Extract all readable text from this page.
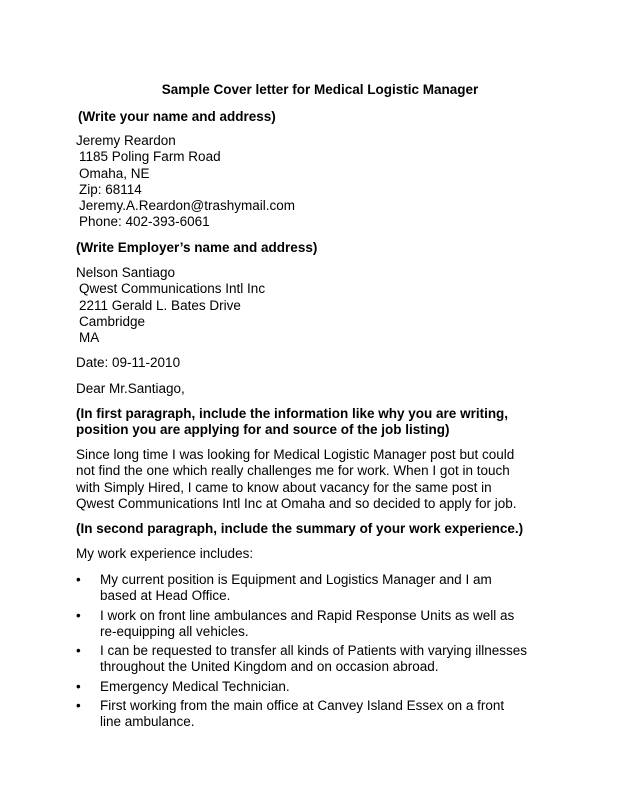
Sample Cover letter for Medical Logistic Manager
(Write your name and address)
Jeremy Reardon
1185 Poling Farm Road
Omaha, NE
Zip: 68114
Jeremy.A.Reardon@trashymail.com
Phone: 402-393-6061
(Write Employer’s name and address)
Nelson Santiago
Qwest Communications Intl Inc
2211 Gerald L. Bates Drive
Cambridge
MA
Date: 09-11-2010
Dear Mr.Santiago,
(In first paragraph, include the information like why you are writing,
position you are applying for and source of the job listing)
Since long time I was looking for Medical Logistic Manager post but could
not find the one which really challenges me for work. When I got in touch
with Simply Hired, I came to know about vacancy for the same post in
Qwest Communications Intl Inc at Omaha and so decided to apply for job.
(In second paragraph, include the summary of your work experience.)
My work experience includes:
• My current position is Equipment and Logistics Manager and I am
based at Head Office.
• I work on front line ambulances and Rapid Response Units as well as
re-equipping all vehicles.
• I can be requested to transfer all kinds of Patients with varying illnesses
throughout the United Kingdom and on occasion abroad.
• Emergency Medical Technician.
• First working from the main office at Canvey Island Essex on a front
line ambulance.
